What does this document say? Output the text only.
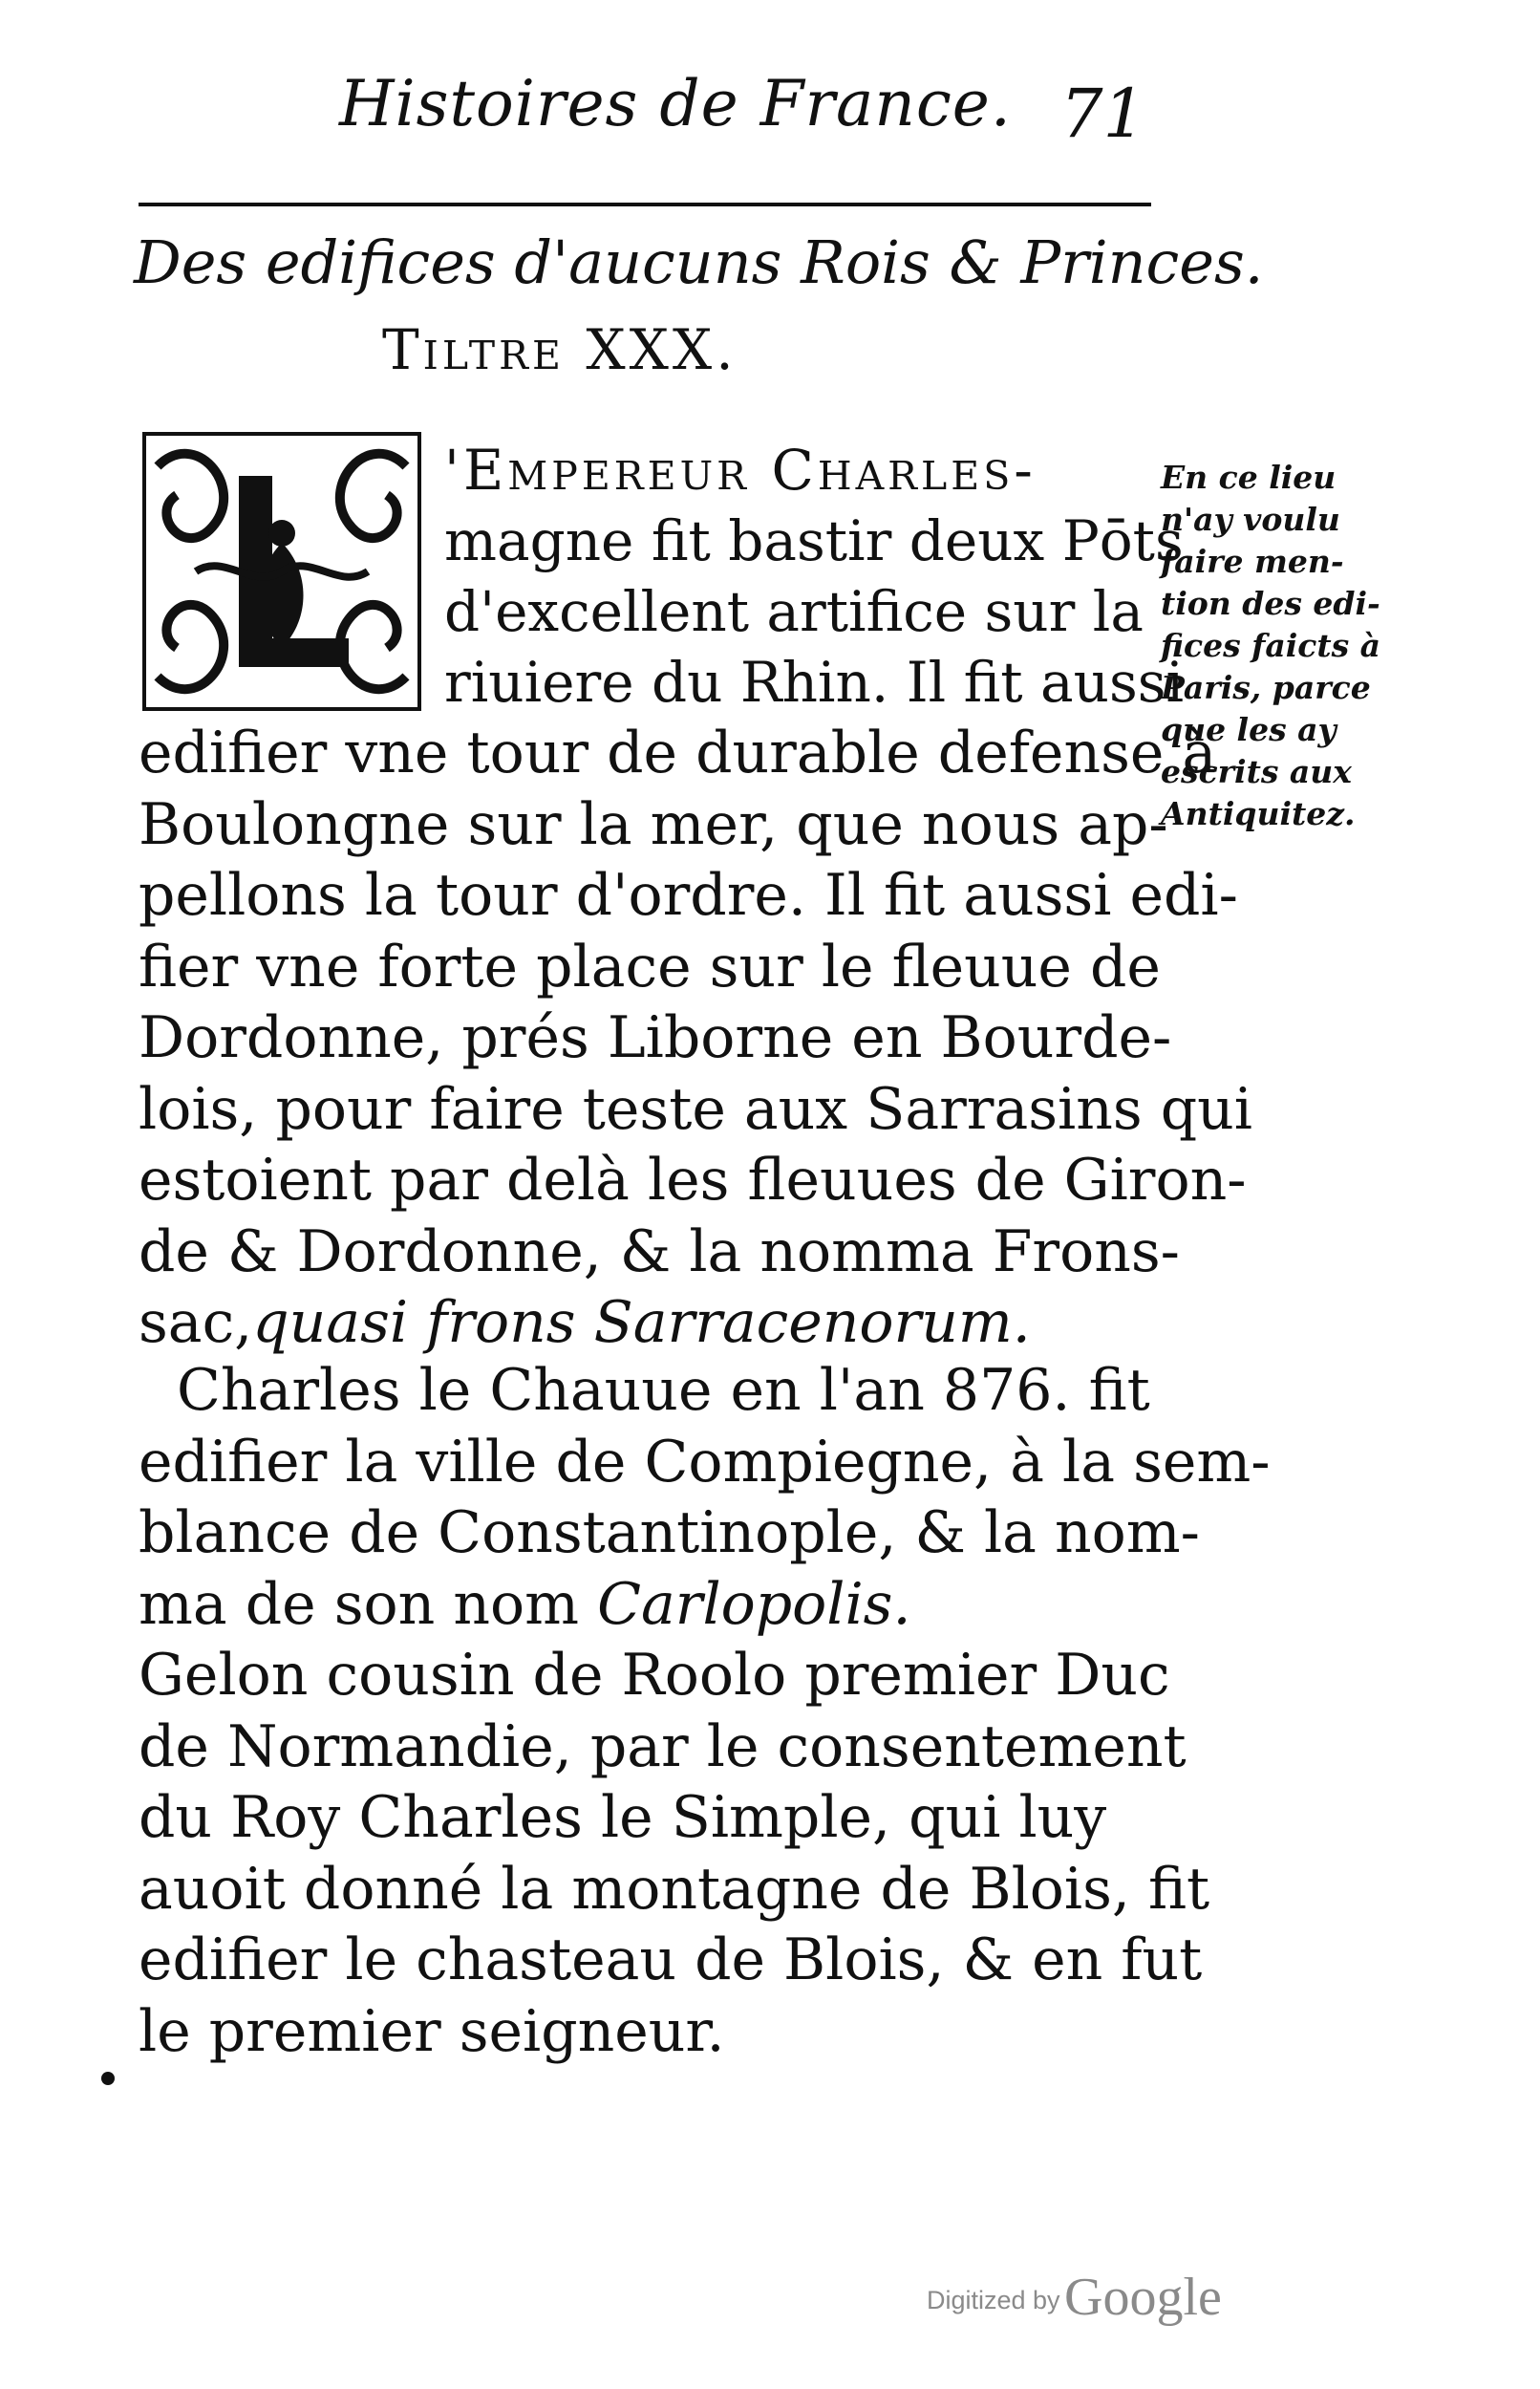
Histoires de France. 71
Des edifices d'aucuns Rois & Princes.
Tiltre XXX.
'Empereur Charles-
magne fit bastir deux Pōts
d'excellent artifice sur la
riuiere du Rhin. Il fit aussi
edifier vne tour de durable defense à
Boulongne sur la mer, que nous ap-
pellons la tour d'ordre. Il fit aussi edi-
fier vne forte place sur le fleuue de
Dordonne, prés Liborne en Bourde-
lois, pour faire teste aux Sarrasins qui
estoient par delà les fleuues de Giron-
de & Dordonne, & la nomma Frons-
sac,quasi frons Sarracenorum.
Charles le Chauue en l'an 876. fit
edifier la ville de Compiegne, à la sem-
blance de Constantinople, & la nom-
ma de son nom Carlopolis.
Gelon cousin de Roolo premier Duc
de Normandie, par le consentement
du Roy Charles le Simple, qui luy
auoit donné la montagne de Blois, fit
edifier le chasteau de Blois, & en fut
le premier seigneur.
En ce lieu
n'ay voulu
faire men-
tion des edi-
fices faicts à
Paris, parce
que les ay
escrits aux
Antiquitez.
Digitized by Google
